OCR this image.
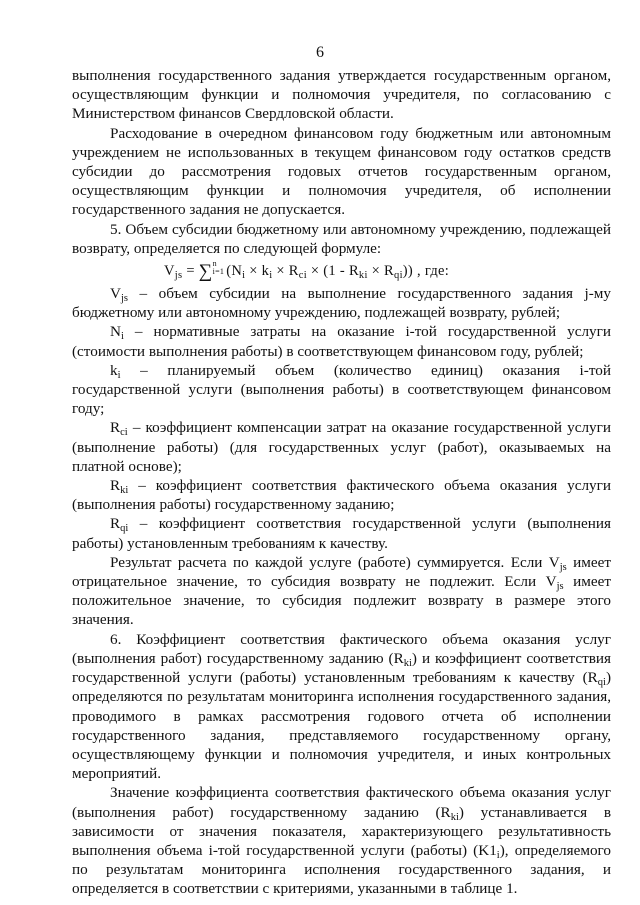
6

выполнения государственного задания утверждается государственным органом, осуществляющим функции и полномочия учредителя, по согласованию с Министерством финансов Свердловской области.

Расходование в очередном финансовом году бюджетным или автономным учреждением не использованных в текущем финансовом году остатков средств субсидии до рассмотрения годовых отчетов государственным органом, осуществляющим функции и полномочия учредителя, об исполнении государственного задания не допускается.

5. Объем субсидии бюджетному или автономному учреждению, подлежащей возврату, определяется по следующей формуле:

$V_{js}$ = ∑ n
i=1 $(N_i \times k_i \times R_{ci} \times (1 - R_{ki} \times R_{qi}))$ , где:

$V_{js}$ – объем субсидии на выполнение государственного задания j-му бюджетному или автономному учреждению, подлежащей возврату, рублей;

$N_i$ – нормативные затраты на оказание i-той государственной услуги (стоимости выполнения работы) в соответствующем финансовом году, рублей;

$k_i$ – планируемый объем (количество единиц) оказания i-той государственной услуги (выполнения работы) в соответствующем финансовом году;

$R_{ci}$ – коэффициент компенсации затрат на оказание государственной услуги (выполнение работы) (для государственных услуг (работ), оказываемых на платной основе);

$R_{ki}$ – коэффициент соответствия фактического объема оказания услуги (выполнения работы) государственному заданию;

$R_{qi}$ – коэффициент соответствия государственной услуги (выполнения работы) установленным требованиям к качеству.

Результат расчета по каждой услуге (работе) суммируется. Если $V_{js}$ имеет отрицательное значение, то субсидия возврату не подлежит. Если $V_{js}$ имеет положительное значение, то субсидия подлежит возврату в размере этого значения.

6. Коэффициент соответствия фактического объема оказания услуг (выполнения работ) государственному заданию $(R_{ki})$ и коэффициент соответствия государственной услуги (работы) установленным требованиям к качеству $(R_{qi})$ определяются по результатам мониторинга исполнения государственного задания, проводимого в рамках рассмотрения годового отчета об исполнении государственного задания, представляемого государственному органу, осуществляющему функции и полномочия учредителя, и иных контрольных мероприятий.

Значение коэффициента соответствия фактического объема оказания услуг (выполнения работ) государственному заданию $(R_{ki})$ устанавливается в зависимости от значения показателя, характеризующего результативность выполнения объема i-той государственной услуги (работы) $(K1_i)$, определяемого по результатам мониторинга исполнения государственного задания, и определяется в соответствии с критериями, указанными в таблице 1.
